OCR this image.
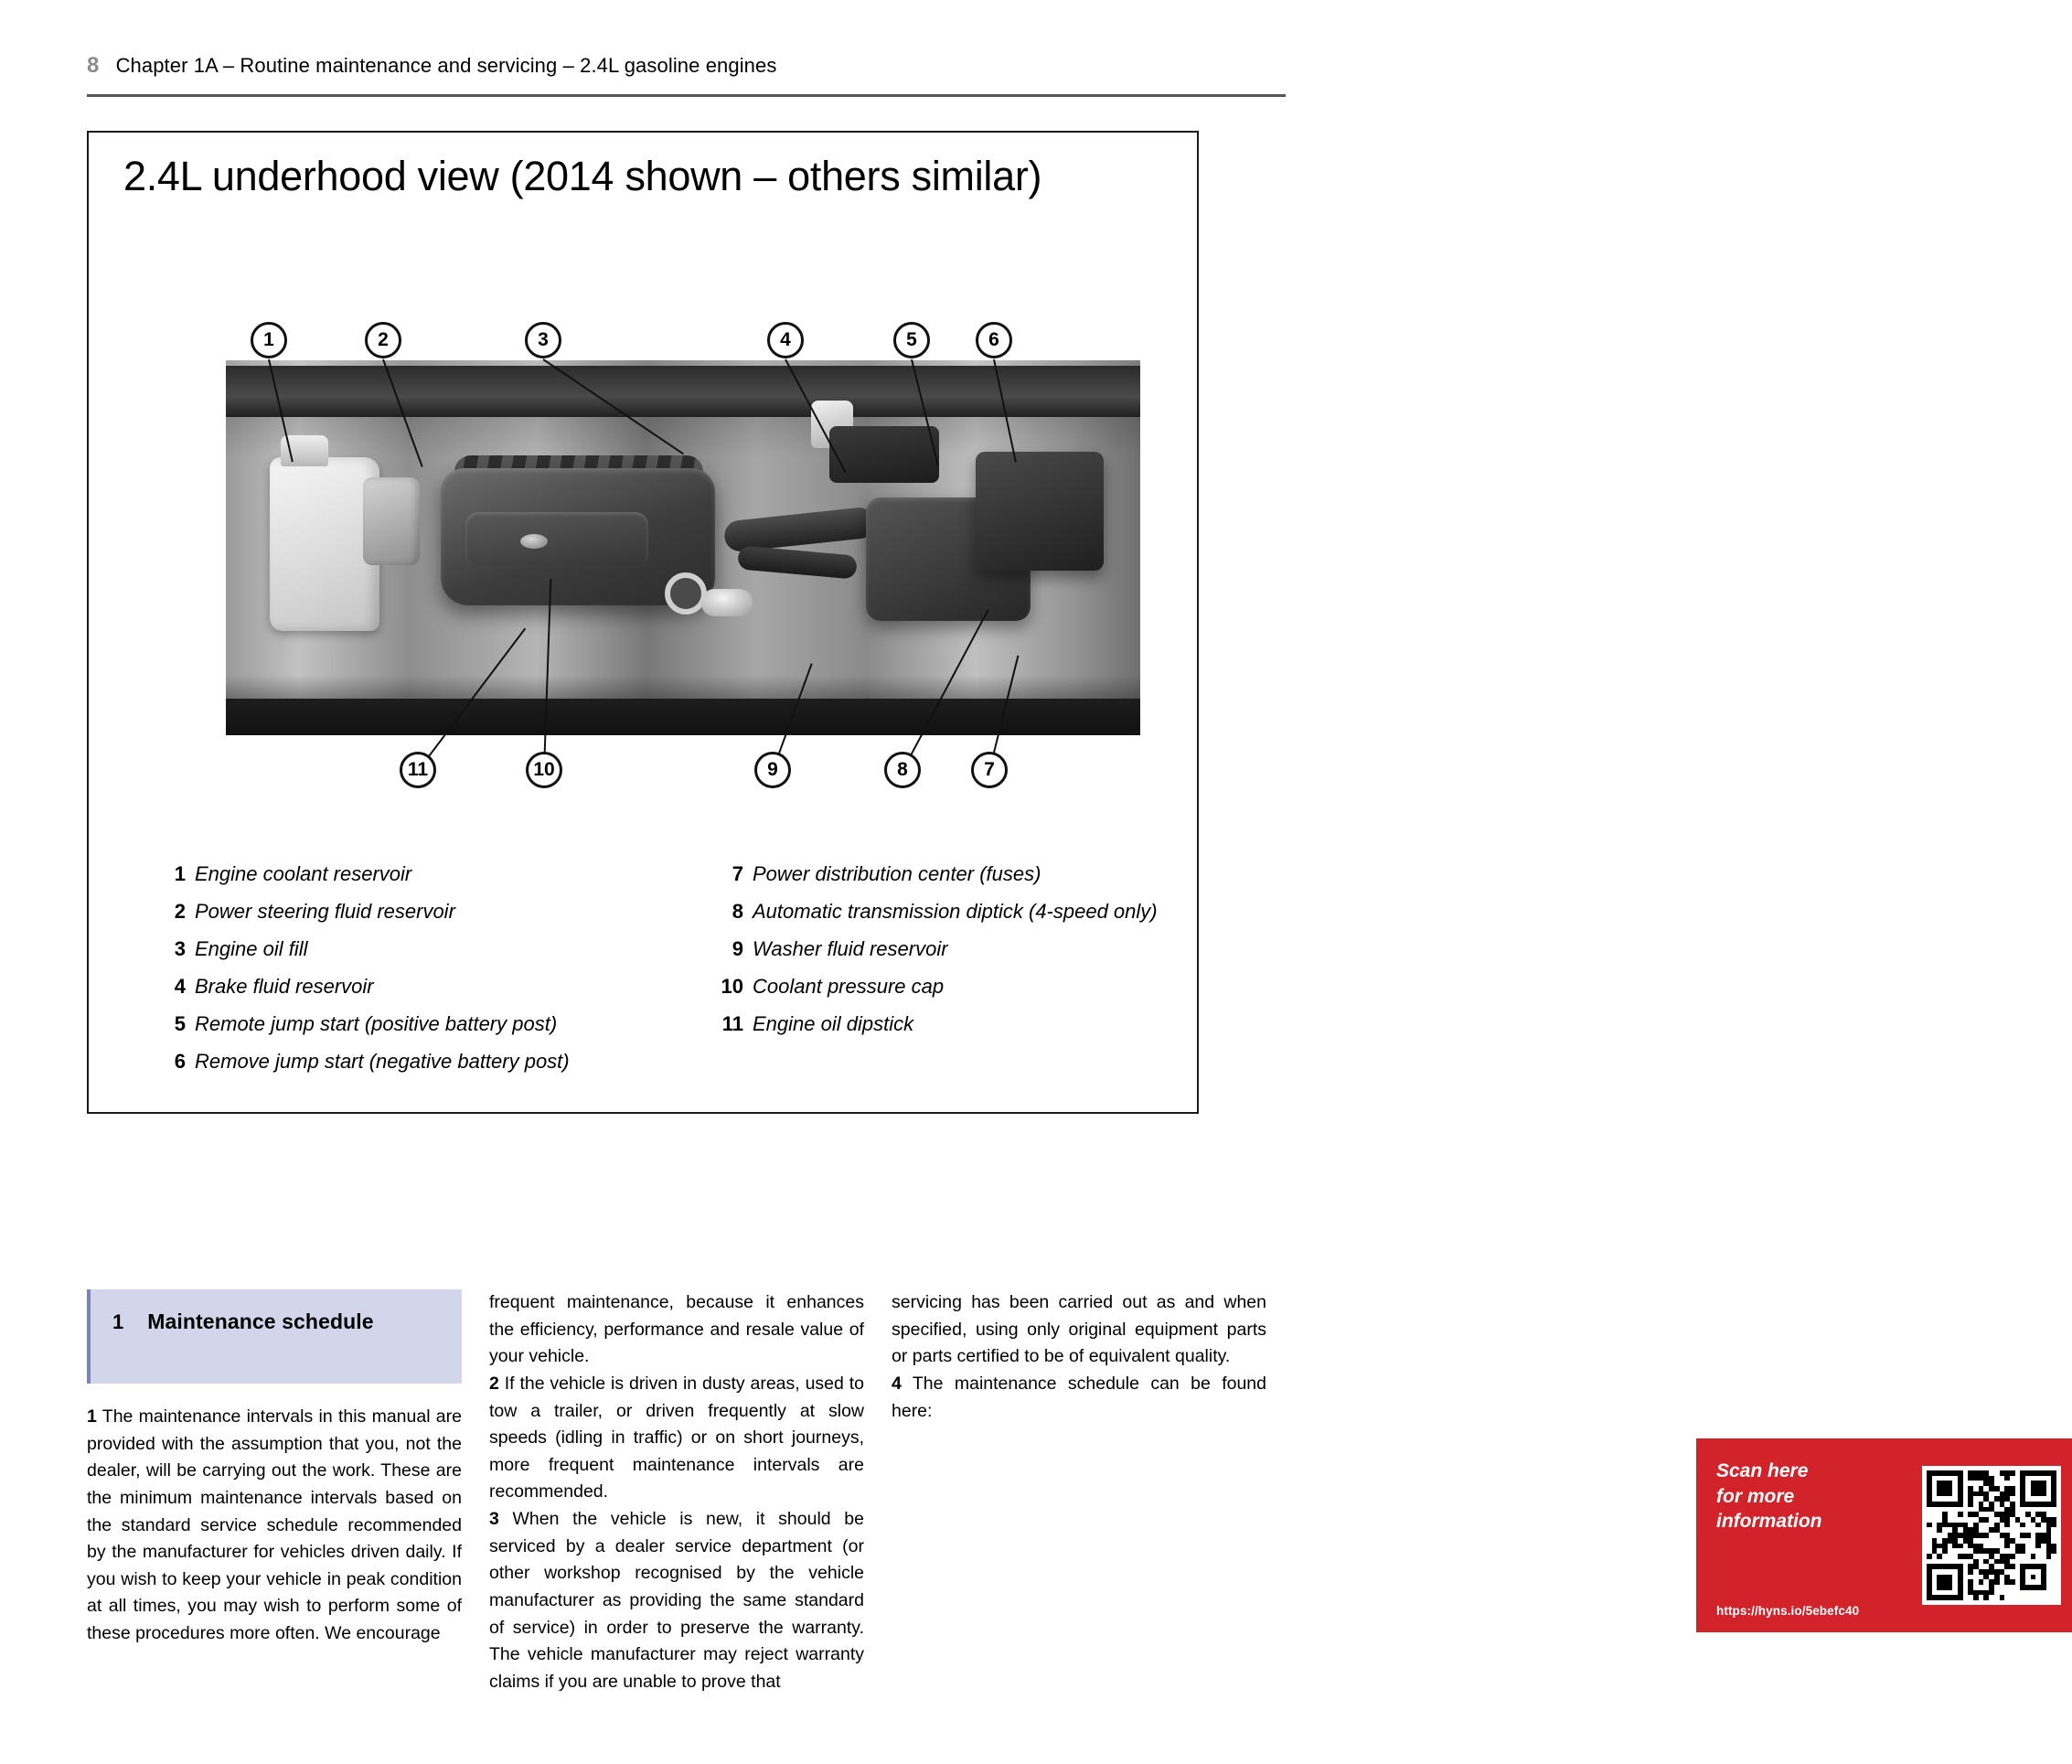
8 Chapter 1A – Routine maintenance and servicing – 2.4L gasoline engines
2.4L underhood view (2014 shown – others similar)
1	2	3	4	5	6
11	10	9	8	7
1 Engine coolant reservoir
2 Power steering fluid reservoir
3 Engine oil fill
4 Brake fluid reservoir
5 Remote jump start (positive battery post)
6 Remove jump start (negative battery post)
7 Power distribution center (fuses)
8 Automatic transmission diptick (4-speed only)
9 Washer fluid reservoir
10 Coolant pressure cap
11 Engine oil dipstick
1 Maintenance schedule
1 The maintenance intervals in this manual are provided with the assumption that you, not the dealer, will be carrying out the work. These are the minimum maintenance intervals based on the standard service schedule recommended by the manufacturer for vehicles driven daily. If you wish to keep your vehicle in peak condition at all times, you may wish to perform some of these procedures more often. We encourage
frequent maintenance, because it enhances the efficiency, performance and resale value of your vehicle.
2 If the vehicle is driven in dusty areas, used to tow a trailer, or driven frequently at slow speeds (idling in traffic) or on short journeys, more frequent maintenance intervals are recommended.
3 When the vehicle is new, it should be serviced by a dealer service department (or other workshop recognised by the vehicle manufacturer as providing the same standard of service) in order to preserve the warranty. The vehicle manufacturer may reject warranty claims if you are unable to prove that
servicing has been carried out as and when specified, using only original equipment parts or parts certified to be of equivalent quality.
4 The maintenance schedule can be found here:
Scan here
for more
information
https://hyns.io/5ebefc40
